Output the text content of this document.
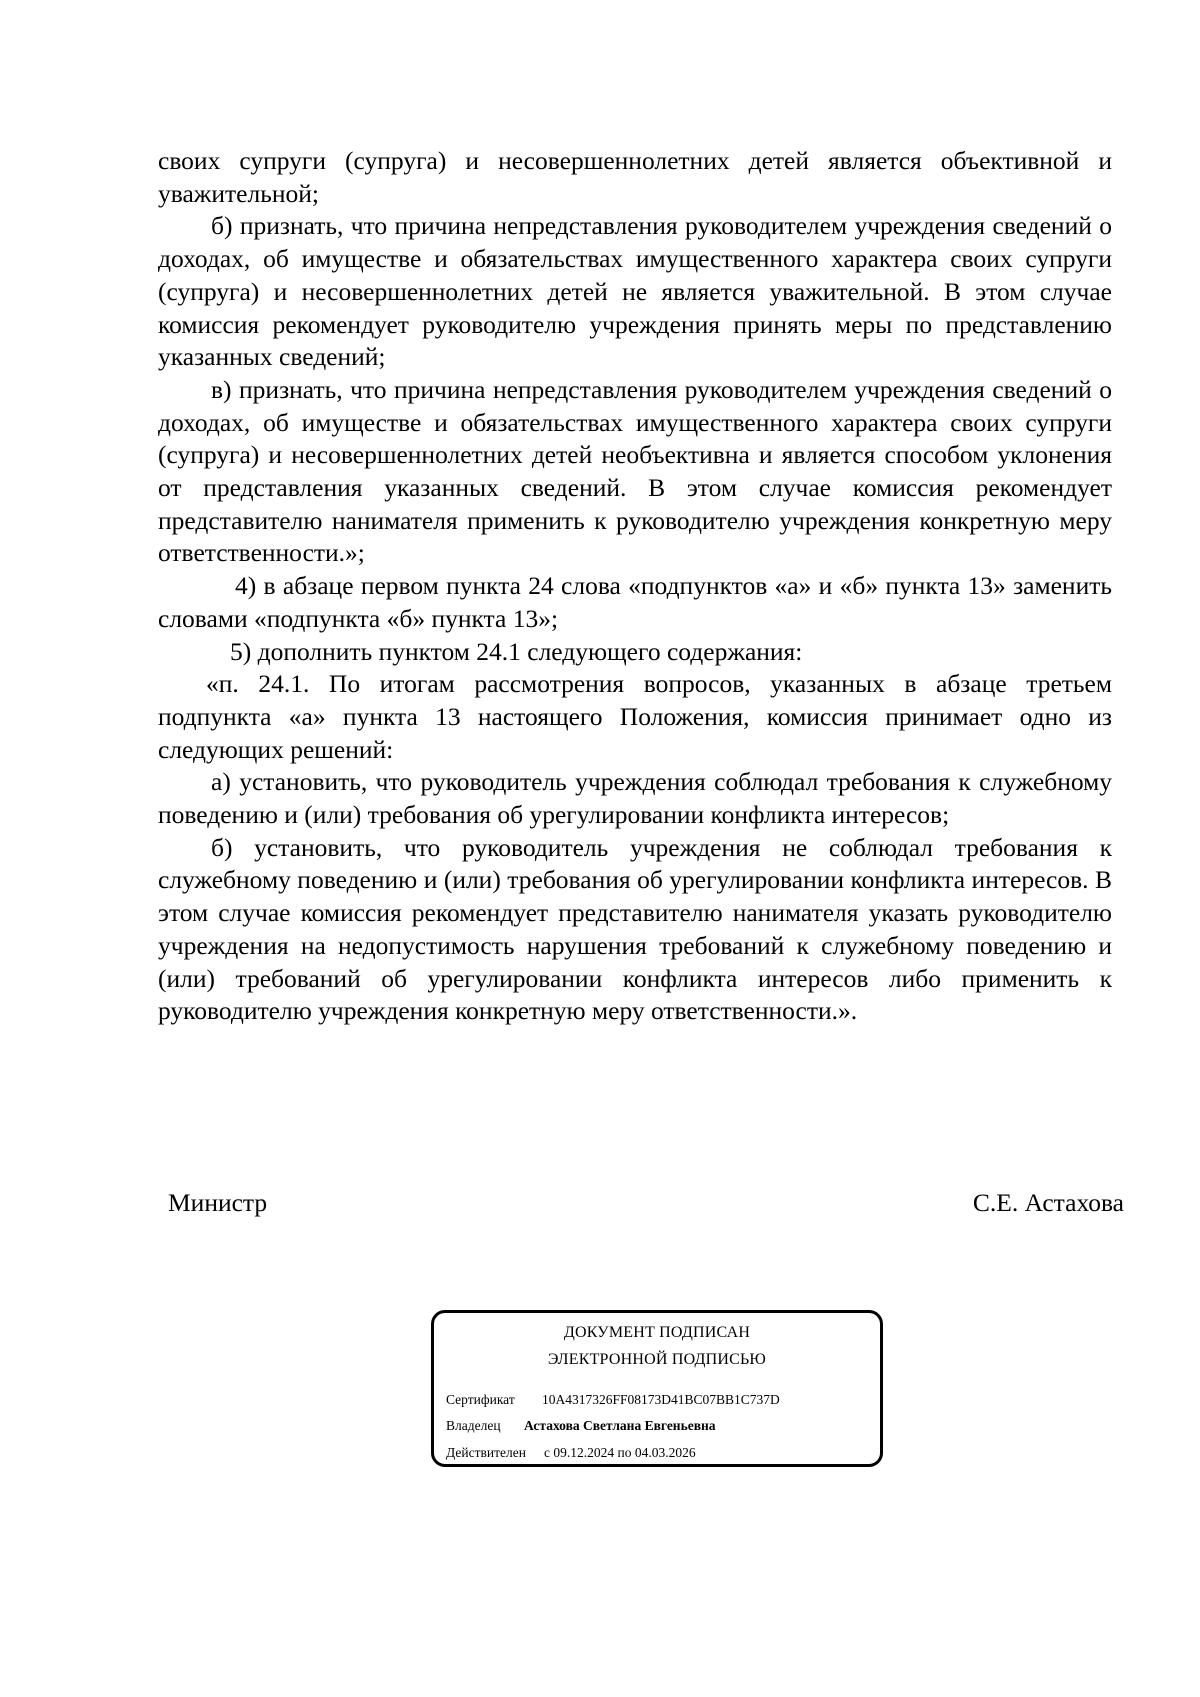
своих супруги (супруга) и несовершеннолетних детей является объективной и уважительной;

б) признать, что причина непредставления руководителем учреждения сведений о доходах, об имуществе и обязательствах имущественного характера своих супруги (супруга) и несовершеннолетних детей не является уважительной. В этом случае комиссия рекомендует руководителю учреждения принять меры по представлению указанных сведений;

в) признать, что причина непредставления руководителем учреждения сведений о доходах, об имуществе и обязательствах имущественного характера своих супруги (супруга) и несовершеннолетних детей необъективна и является способом уклонения от представления указанных сведений. В этом случае комиссия рекомендует представителю нанимателя применить к руководителю учреждения конкретную меру ответственности.»;

4) в абзаце первом пункта 24 слова «подпунктов «а» и «б» пункта 13» заменить словами «подпункта «б» пункта 13»;

5) дополнить пунктом 24.1 следующего содержания:

«п. 24.1. По итогам рассмотрения вопросов, указанных в абзаце третьем подпункта «а» пункта 13 настоящего Положения, комиссия принимает одно из следующих решений:

а) установить, что руководитель учреждения соблюдал требования к служебному поведению и (или) требования об урегулировании конфликта интересов;

б) установить, что руководитель учреждения не соблюдал требования к служебному поведению и (или) требования об урегулировании конфликта интересов. В этом случае комиссия рекомендует представителю нанимателя указать руководителю учреждения на недопустимость нарушения требований к служебному поведению и (или) требований об урегулировании конфликта интересов либо применить к руководителю учреждения конкретную меру ответственности.».

Министр	С.Е. Астахова
ДОКУМЕНТ ПОДПИСАН
ЭЛЕКТРОННОЙ ПОДПИСЬЮ
Сертификат 10A4317326FF08173D41BC07BB1C737D
Владелец Астахова Светлана Евгеньевна
Действителен с 09.12.2024 по 04.03.2026
